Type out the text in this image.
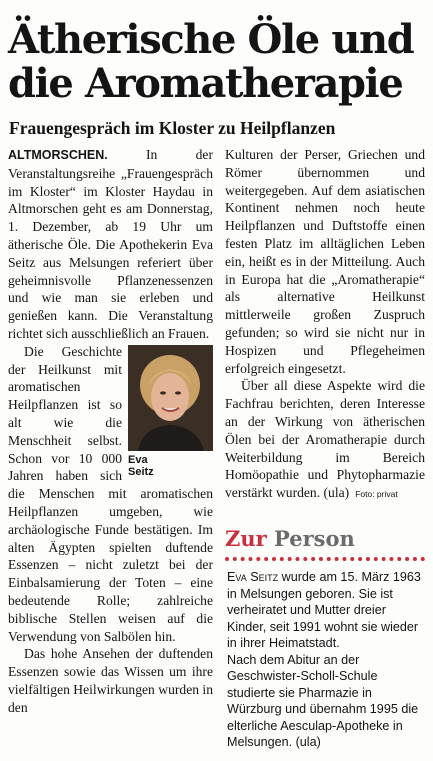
Ätherische Öle und die Aromatherapie
Frauengespräch im Kloster zu Heilpflanzen

ALTMORSCHEN.	In der Veranstaltungsreihe „Frauengespräch im Kloster“ im Kloster Haydau in Altmorschen geht es am Donnerstag, 1. Dezember, ab 19 Uhr um ätherische Öle. Die Apothekerin Eva Seitz aus Melsungen referiert über geheimnisvolle Pflanzenessenzen und wie man sie erleben und genießen kann. Die Veranstaltung richtet sich ausschließlich an Frauen.

Eva
Seitz

Die Geschichte der Heilkunst mit aromatischen Heilpflanzen ist so alt wie die Menschheit selbst. Schon vor 10 000 Jahren haben sich die Menschen mit aromatischen Heilpflanzen umgeben, wie archäologische Funde bestätigen. Im alten Ägypten spielten duftende Essenzen – nicht zuletzt bei der Einbalsamierung der Toten – eine bedeutende Rolle; zahlreiche biblische Stellen weisen auf die Verwendung von Salbölen hin.

Das hohe Ansehen der duftenden Essenzen sowie das Wissen um ihre vielfältigen Heilwirkungen wurden in den

Kulturen der Perser, Griechen und Römer übernommen und weitergegeben. Auf dem asiatischen Kontinent nehmen noch heute Heilpflanzen und Duftstoffe einen festen Platz im alltäglichen Leben ein, heißt es in der Mitteilung. Auch in Europa hat die „Aromatherapie“ als alternative Heilkunst mittlerweile großen Zuspruch gefunden; so wird sie nicht nur in Hospizen und Pflegeheimen erfolgreich eingesetzt.

Über all diese Aspekte wird die Fachfrau berichten, deren Interesse an der Wirkung von ätherischen Ölen bei der Aromatherapie durch Weiterbildung im Bereich Homöopathie und Phytopharmazie verstärkt wurden. (ula) Foto: privat

Zur Person

Eva Seitz wurde am 15. März 1963 in Melsungen geboren. Sie ist verheiratet und Mutter dreier Kinder, seit 1991 wohnt sie wieder in ihrer Heimatstadt.

Nach dem Abitur an der Geschwister-Scholl-Schule studierte sie Pharmazie in Würzburg und übernahm 1995 die elterliche Aesculap-Apotheke in Melsungen. (ula)
